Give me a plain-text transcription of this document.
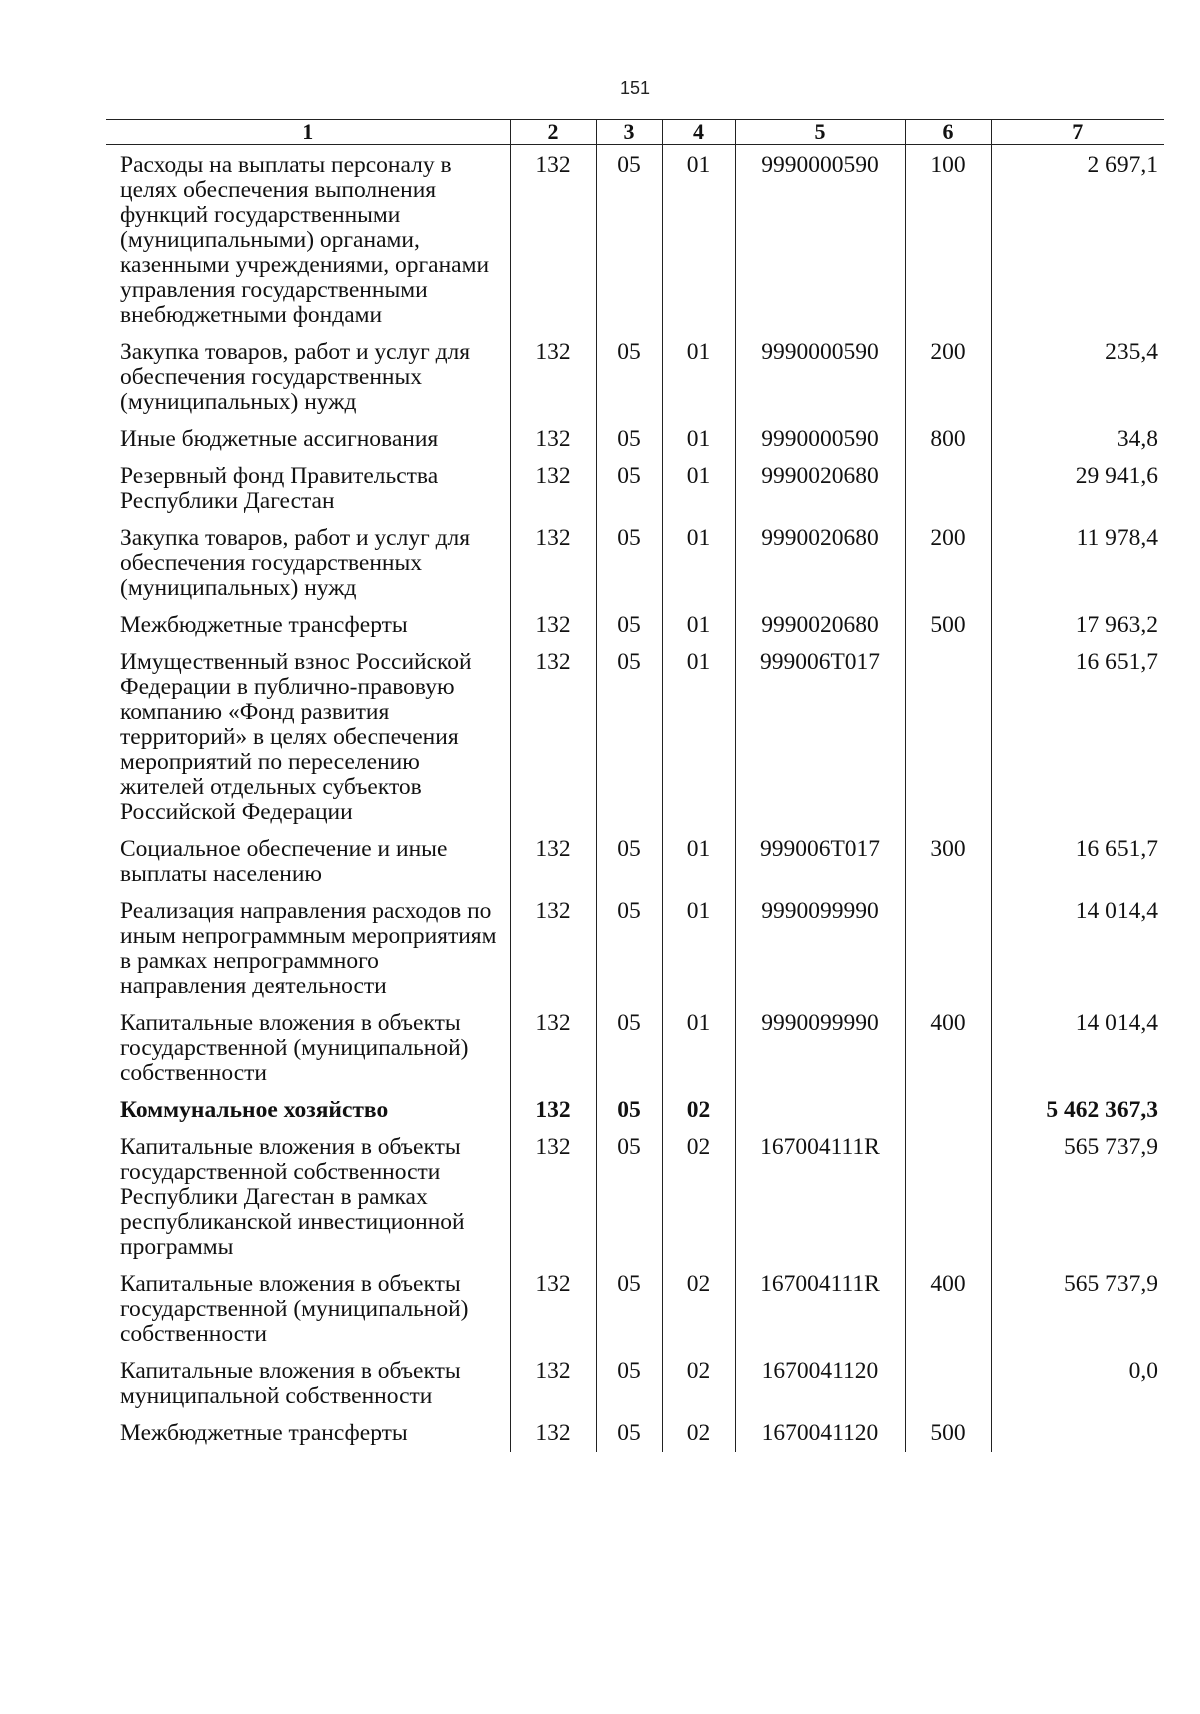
151
1	2	3	4	5	6	7
Расходы на выплаты персоналу в целях обеспечения выполнения функций государственными (муниципальными) органами, казенными учреждениями, органами управления государственными внебюджетными фондами	132	05	01	9990000590	100	2 697,1
Закупка товаров, работ и услуг для обеспечения государственных (муниципальных) нужд	132	05	01	9990000590	200	235,4
Иные бюджетные ассигнования	132	05	01	9990000590	800	34,8
Резервный фонд Правительства Республики Дагестан	132	05	01	9990020680		29 941,6
Закупка товаров, работ и услуг для обеспечения государственных (муниципальных) нужд	132	05	01	9990020680	200	11 978,4
Межбюджетные трансферты	132	05	01	9990020680	500	17 963,2
Имущественный взнос Российской Федерации в публично-правовую компанию «Фонд развития территорий» в целях обеспечения мероприятий по переселению жителей отдельных субъектов Российской Федерации	132	05	01	999006Т017		16 651,7
Социальное обеспечение и иные выплаты населению	132	05	01	999006Т017	300	16 651,7
Реализация направления расходов по иным непрограммным мероприятиям в рамках непрограммного направления деятельности	132	05	01	9990099990		14 014,4
Капитальные вложения в объекты государственной (муниципальной) собственности	132	05	01	9990099990	400	14 014,4
Коммунальное хозяйство	132	05	02			5 462 367,3
Капитальные вложения в объекты государственной собственности Республики Дагестан в рамках республиканской инвестиционной программы	132	05	02	167004111R		565 737,9
Капитальные вложения в объекты государственной (муниципальной) собственности	132	05	02	167004111R	400	565 737,9
Капитальные вложения в объекты муниципальной собственности	132	05	02	1670041120		0,0
Межбюджетные трансферты	132	05	02	1670041120	500	
